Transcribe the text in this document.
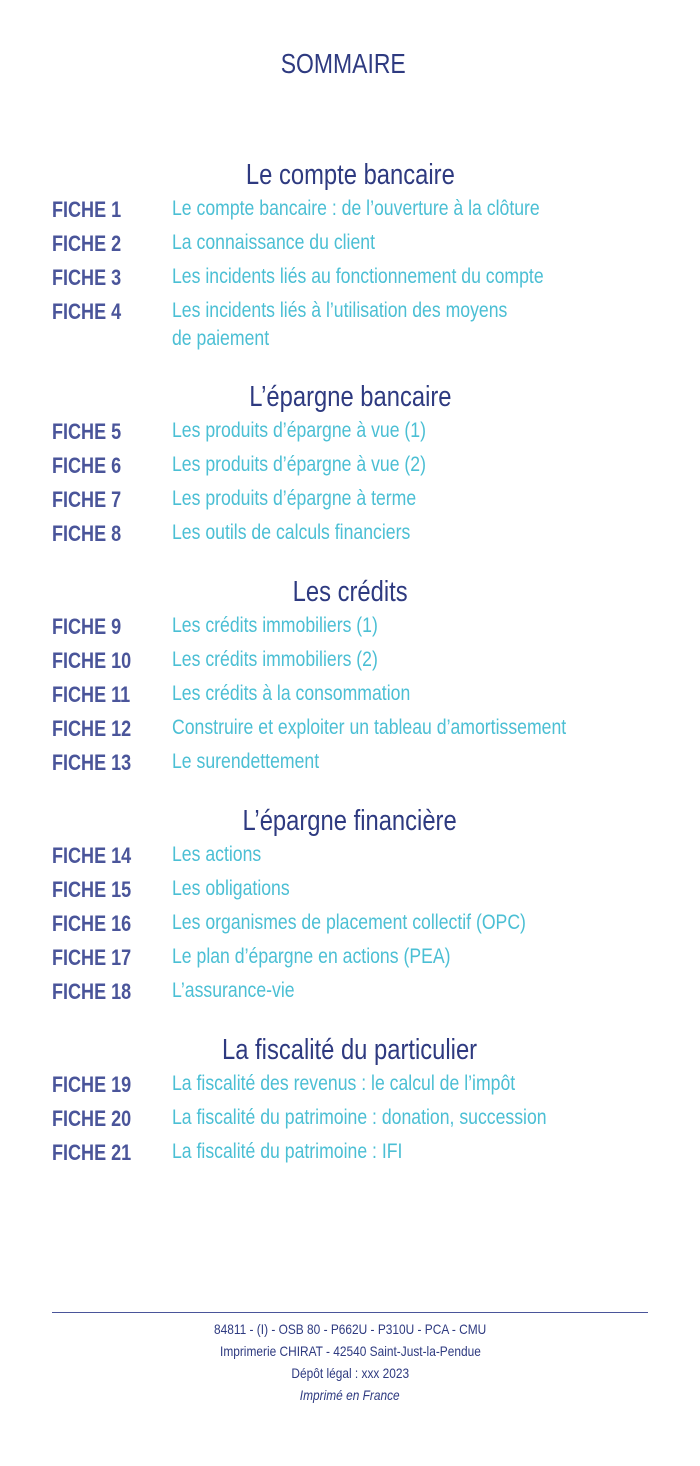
SOMMAIRE
Le compte bancaire
FICHE 1 Le compte bancaire : de l’ouverture à la clôture
FICHE 2 La connaissance du client
FICHE 3 Les incidents liés au fonctionnement du compte
FICHE 4 Les incidents liés à l’utilisation des moyens
de paiement
L’épargne bancaire
FICHE 5 Les produits d’épargne à vue (1)
FICHE 6 Les produits d’épargne à vue (2)
FICHE 7 Les produits d’épargne à terme
FICHE 8 Les outils de calculs financiers
Les crédits
FICHE 9 Les crédits immobiliers (1)
FICHE 10 Les crédits immobiliers (2)
FICHE 11 Les crédits à la consommation
FICHE 12 Construire et exploiter un tableau d’amortissement
FICHE 13 Le surendettement
L’épargne financière
FICHE 14 Les actions
FICHE 15 Les obligations
FICHE 16 Les organismes de placement collectif (OPC)
FICHE 17 Le plan d’épargne en actions (PEA)
FICHE 18 L’assurance-vie
La fiscalité du particulier
FICHE 19 La fiscalité des revenus : le calcul de l’impôt
FICHE 20 La fiscalité du patrimoine : donation, succession
FICHE 21 La fiscalité du patrimoine : IFI
84811 - (I) - OSB 80 - P662U - P310U - PCA - CMU
Imprimerie CHIRAT - 42540 Saint-Just-la-Pendue
Dépôt légal : xxx 2023
Imprimé en France
